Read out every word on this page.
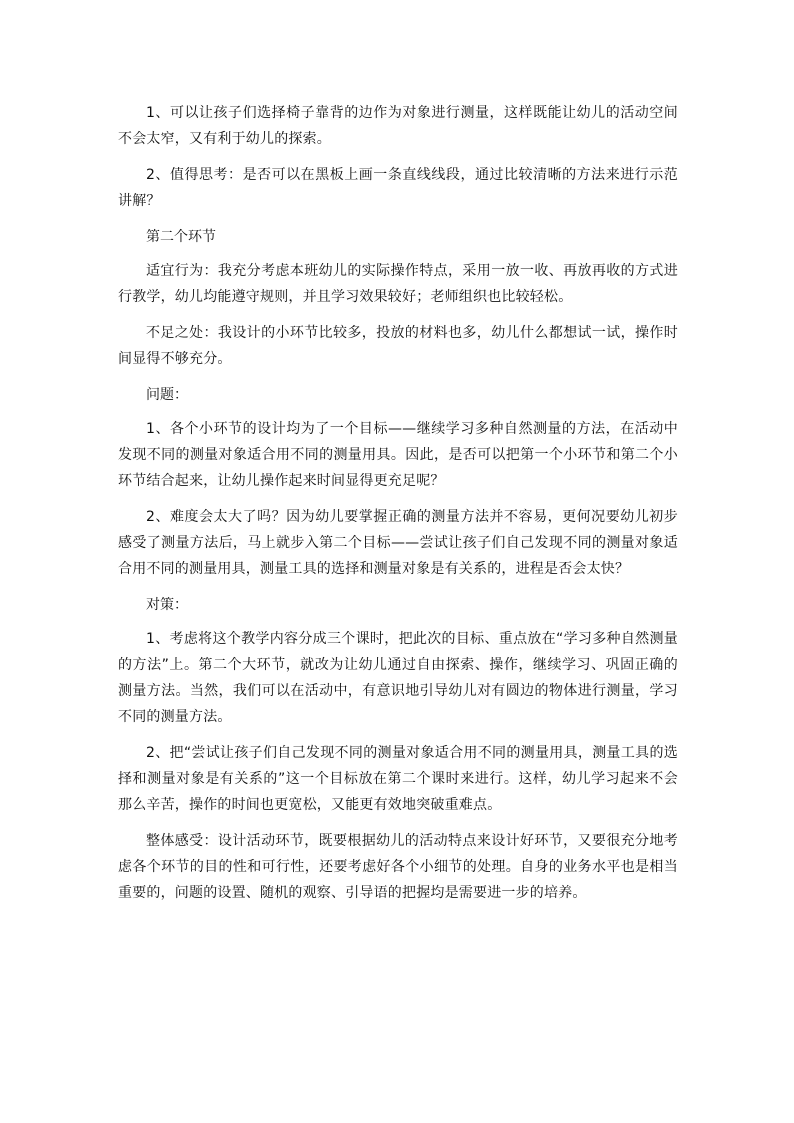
1、可以让孩子们选择椅子靠背的边作为对象进行测量，这样既能让幼儿的活动空间不会太窄，又有利于幼儿的探索。

2、值得思考：是否可以在黑板上画一条直线线段，通过比较清晰的方法来进行示范讲解？

第二个环节

适宜行为：我充分考虑本班幼儿的实际操作特点，采用一放一收、再放再收的方式进行教学，幼儿均能遵守规则，并且学习效果较好；老师组织也比较轻松。

不足之处：我设计的小环节比较多，投放的材料也多，幼儿什么都想试一试，操作时间显得不够充分。

问题：

1、各个小环节的设计均为了一个目标——继续学习多种自然测量的方法，在活动中发现不同的测量对象适合用不同的测量用具。因此，是否可以把第一个小环节和第二个小环节结合起来，让幼儿操作起来时间显得更充足呢？

2、难度会太大了吗？因为幼儿要掌握正确的测量方法并不容易，更何况要幼儿初步感受了测量方法后，马上就步入第二个目标——尝试让孩子们自己发现不同的测量对象适合用不同的测量用具，测量工具的选择和测量对象是有关系的，进程是否会太快？

对策：

1、考虑将这个教学内容分成三个课时，把此次的目标、重点放在“学习多种自然测量的方法”上。第二个大环节，就改为让幼儿通过自由探索、操作，继续学习、巩固正确的测量方法。当然，我们可以在活动中，有意识地引导幼儿对有圆边的物体进行测量，学习不同的测量方法。

2、把“尝试让孩子们自己发现不同的测量对象适合用不同的测量用具，测量工具的选择和测量对象是有关系的”这一个目标放在第二个课时来进行。这样，幼儿学习起来不会那么辛苦，操作的时间也更宽松，又能更有效地突破重难点。

整体感受：设计活动环节，既要根据幼儿的活动特点来设计好环节，又要很充分地考虑各个环节的目的性和可行性，还要考虑好各个小细节的处理。自身的业务水平也是相当重要的，问题的设置、随机的观察、引导语的把握均是需要进一步的培养。
